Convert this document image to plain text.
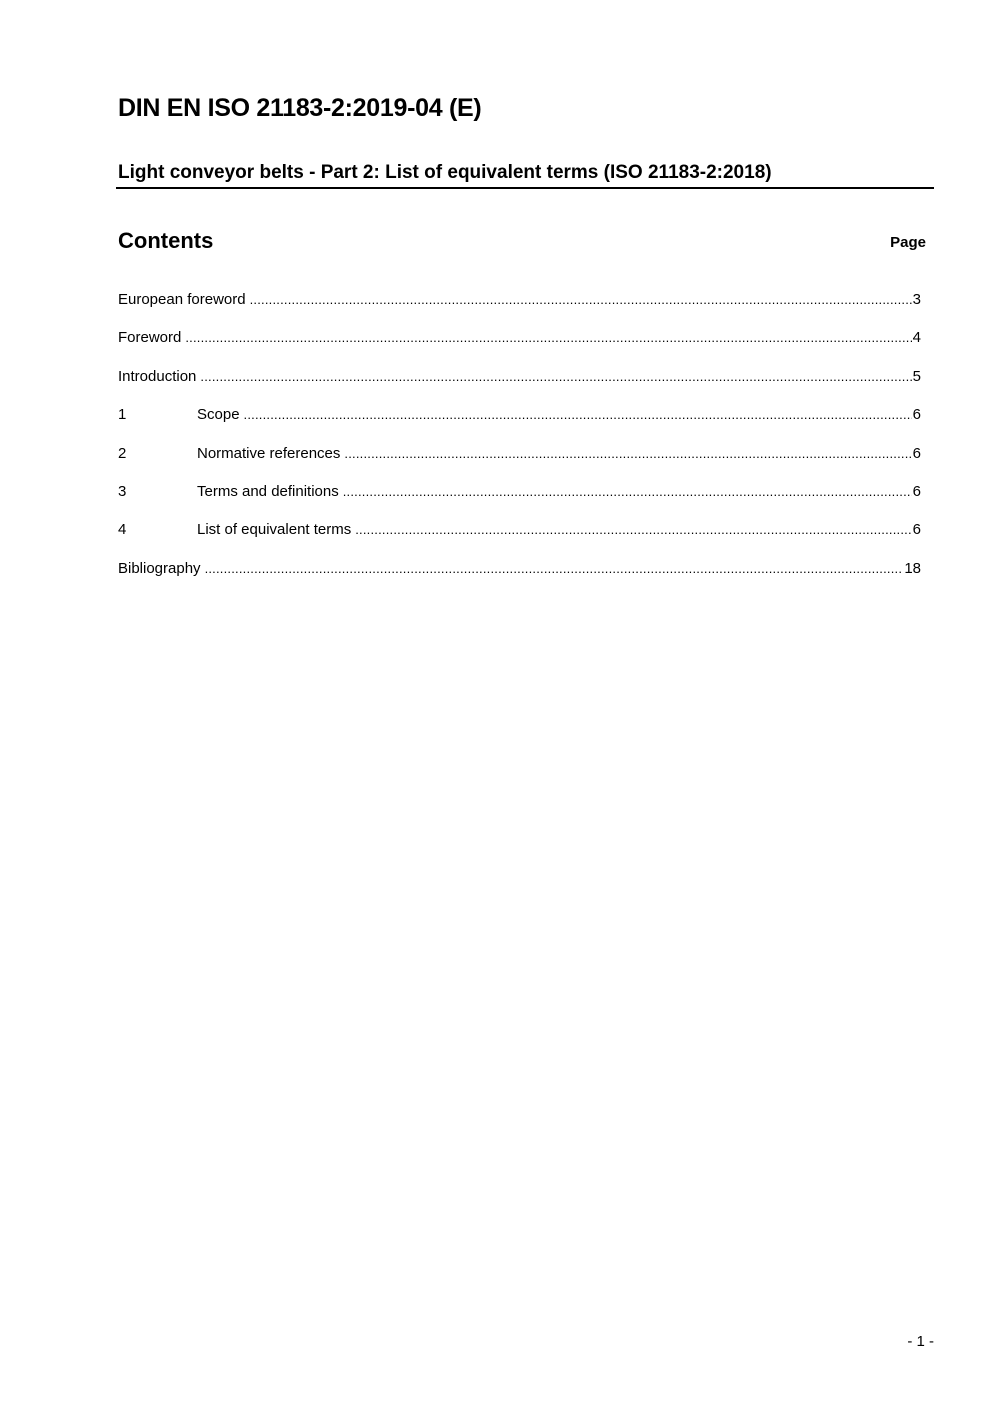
DIN EN ISO 21183-2:2019-04 (E)
Light conveyor belts - Part 2: List of equivalent terms (ISO 21183-2:2018)
Contents	Page
European foreword .....	3
Foreword .....	4
Introduction .....	5
1	Scope .....	6
2	Normative references .....	6
3	Terms and definitions .....	6
4	List of equivalent terms .....	6
Bibliography .....	18
- 1 -
